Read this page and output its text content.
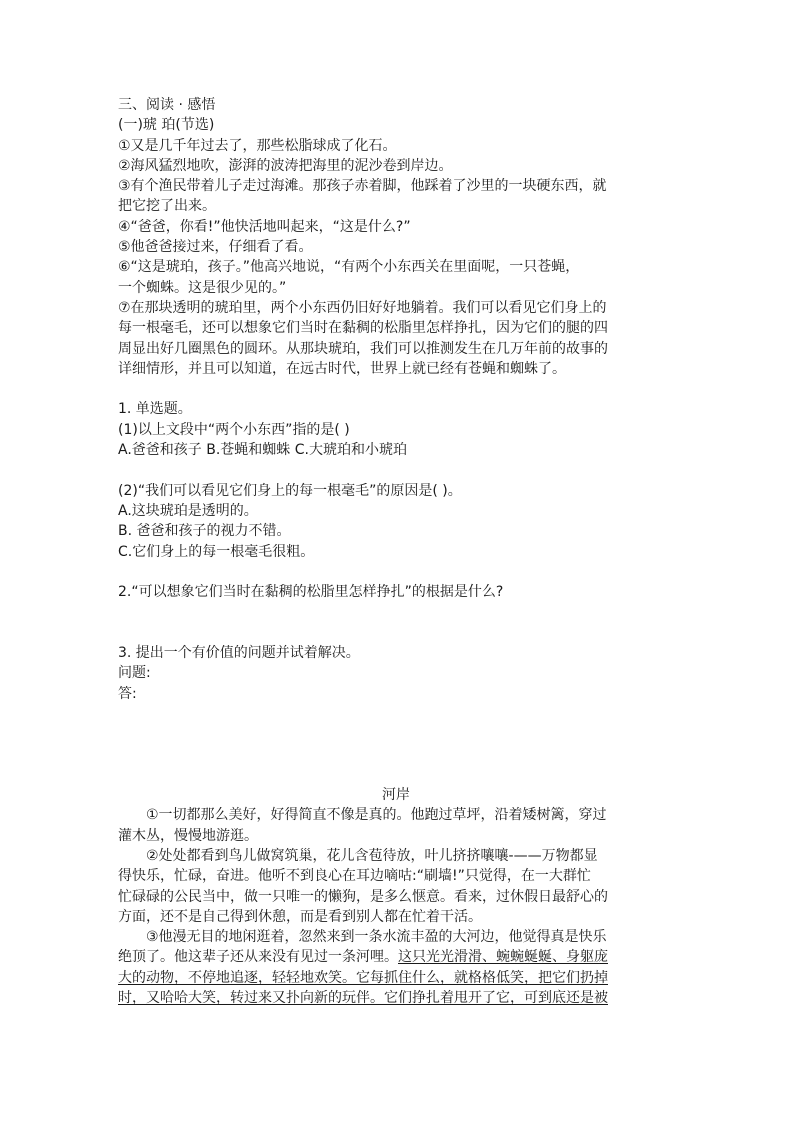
三、阅读 · 感悟
(一)琥 珀(节选)
①又是几千年过去了，那些松脂球成了化石。
②海风猛烈地吹，澎湃的波涛把海里的泥沙卷到岸边。
③有个渔民带着儿子走过海滩。那孩子赤着脚，他踩着了沙里的一块硬东西，就
把它挖了出来。
④“爸爸，你看!”他快活地叫起来，“这是什么?”
⑤他爸爸接过来，仔细看了看。
⑥“这是琥珀，孩子。”他高兴地说，“有两个小东西关在里面呢，一只苍蝇，
一个蜘蛛。这是很少见的。”
⑦在那块透明的琥珀里，两个小东西仍旧好好地躺着。我们可以看见它们身上的
每一根毫毛，还可以想象它们当时在黏稠的松脂里怎样挣扎，因为它们的腿的四
周显出好几圈黑色的圆环。从那块琥珀，我们可以推测发生在几万年前的故事的
详细情形，并且可以知道，在远古时代，世界上就已经有苍蝇和蜘蛛了。
1. 单选题。
(1)以上文段中“两个小东西”指的是( )
A.爸爸和孩子 B.苍蝇和蜘蛛 C.大琥珀和小琥珀
(2)“我们可以看见它们身上的每一根毫毛”的原因是( )。
A.这块琥珀是透明的。
B. 爸爸和孩子的视力不错。
C.它们身上的每一根毫毛很粗。
2.“可以想象它们当时在黏稠的松脂里怎样挣扎”的根据是什么?
3. 提出一个有价值的问题并试着解决。
问题:
答:
河岸
①一切都那么美好，好得简直不像是真的。他跑过草坪，沿着矮树篱，穿过
灌木丛，慢慢地游逛。
②处处都看到鸟儿做窝筑巢，花儿含苞待放，叶儿挤挤嚷嚷-——万物都显
得快乐，忙碌，奋进。他听不到良心在耳边嘀咕:“刷墙!”只觉得，在一大群忙
忙碌碌的公民当中，做一只唯一的懒狗，是多么惬意。看来，过休假日最舒心的
方面，还不是自己得到休憩，而是看到别人都在忙着干活。
③他漫无目的地闲逛着，忽然来到一条水流丰盈的大河边，他觉得真是快乐
绝顶了。他这辈子还从来没有见过一条河哩。这只光光滑滑、蜿蜿蜒蜒、身躯庞
大的动物，不停地追逐，轻轻地欢笑。它每抓住什么，就格格低笑，把它们扔掉
时，又哈哈大笑，转过来又扑向新的玩伴。它们挣扎着甩开了它，可到底还是被
